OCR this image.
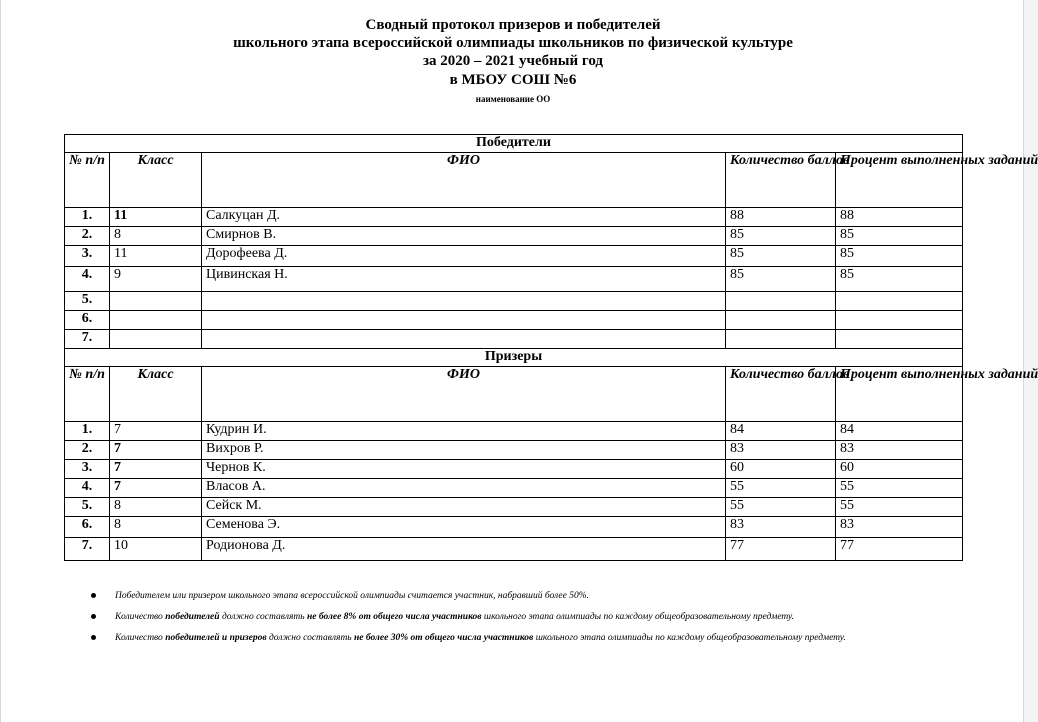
Сводный протокол призеров и победителей
школьного этапа всероссийской олимпиады школьников по физической культуре
за 2020 – 2021 учебный год
в МБОУ СОШ №6
наименование ОО
Победители				
№ п/п	Класс	ФИО	Количество баллов	Процент выполненных заданий
1.	11	Салкуцан Д.	88	88
2.	8	Смирнов В.	85	85
3.	11	Дорофеева Д.	85	85
4.	9	Цивинская Н.	85	85
5.				
6.				
7.				
Призеры				
№ п/п	Класс	ФИО	Количество баллов	Процент выполненных заданий
1.	7	Кудрин И.	84	84
2.	7	Вихров Р.	83	83
3.	7	Чернов К.	60	60
4.	7	Власов А.	55	55
5.	8	Сейск М.	55	55
6.	8	Семенова Э.	83	83
7.	10	Родионова Д.	77	77
Победителем или призером школьного этапа всероссийской олимпиады считается участник, набравший более 50%.
Количество победителей должно составлять не более 8% от общего числа участников школьного этапа олимпиады по каждому общеобразовательному предмету.
Количество победителей и призеров должно составлять не более 30% от общего числа участников школьного этапа олимпиады по каждому общеобразовательному предмету.
